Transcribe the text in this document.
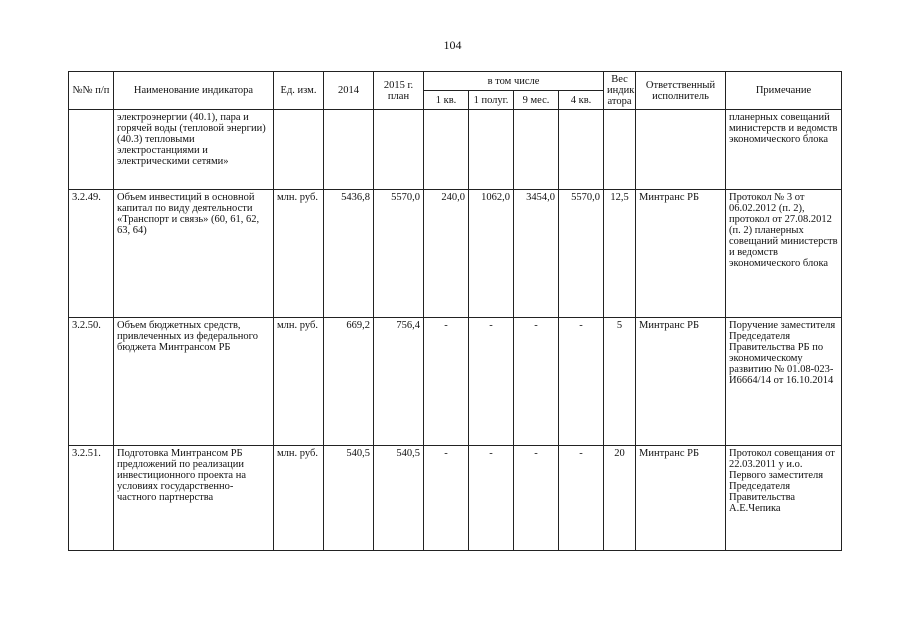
104
№№ п/п	Наименование индикатора	Ед. изм.	2014	2015 г. план	в том числе				Вес индик атора	Ответственный исполнитель	Примечание
					1 кв.	1 полуг.	9 мес.	4 кв.			
	электроэнергии (40.1), пара и горячей воды (тепловой энергии) (40.3) тепловыми электростанциями и электрическими сетями»										планерных совещаний министерств и ведомств экономического блока
3.2.49.	Объем инвестиций в основной капитал по виду деятельности «Транспорт и связь» (60, 61, 62, 63, 64)	млн. руб.	5436,8	5570,0	240,0	1062,0	3454,0	5570,0	12,5	Минтранс РБ	Протокол № 3 от 06.02.2012 (п. 2), протокол от 27.08.2012 (п. 2) планерных совещаний министерств и ведомств экономического блока
3.2.50.	Объем бюджетных средств, привлеченных из федерального бюджета Минтрансом РБ	млн. руб.	669,2	756,4	-	-	-	-	5	Минтранс РБ	Поручение заместителя Председателя Правительства РБ по экономическому развитию № 01.08-023-И6664/14 от 16.10.2014
3.2.51.	Подготовка Минтрансом РБ предложений по реализации инвестиционного проекта на условиях государственно-частного партнерства	млн. руб.	540,5	540,5	-	-	-	-	20	Минтранс РБ	Протокол совещания от 22.03.2011 у и.о. Первого заместителя Председателя Правительства А.Е.Чепика
